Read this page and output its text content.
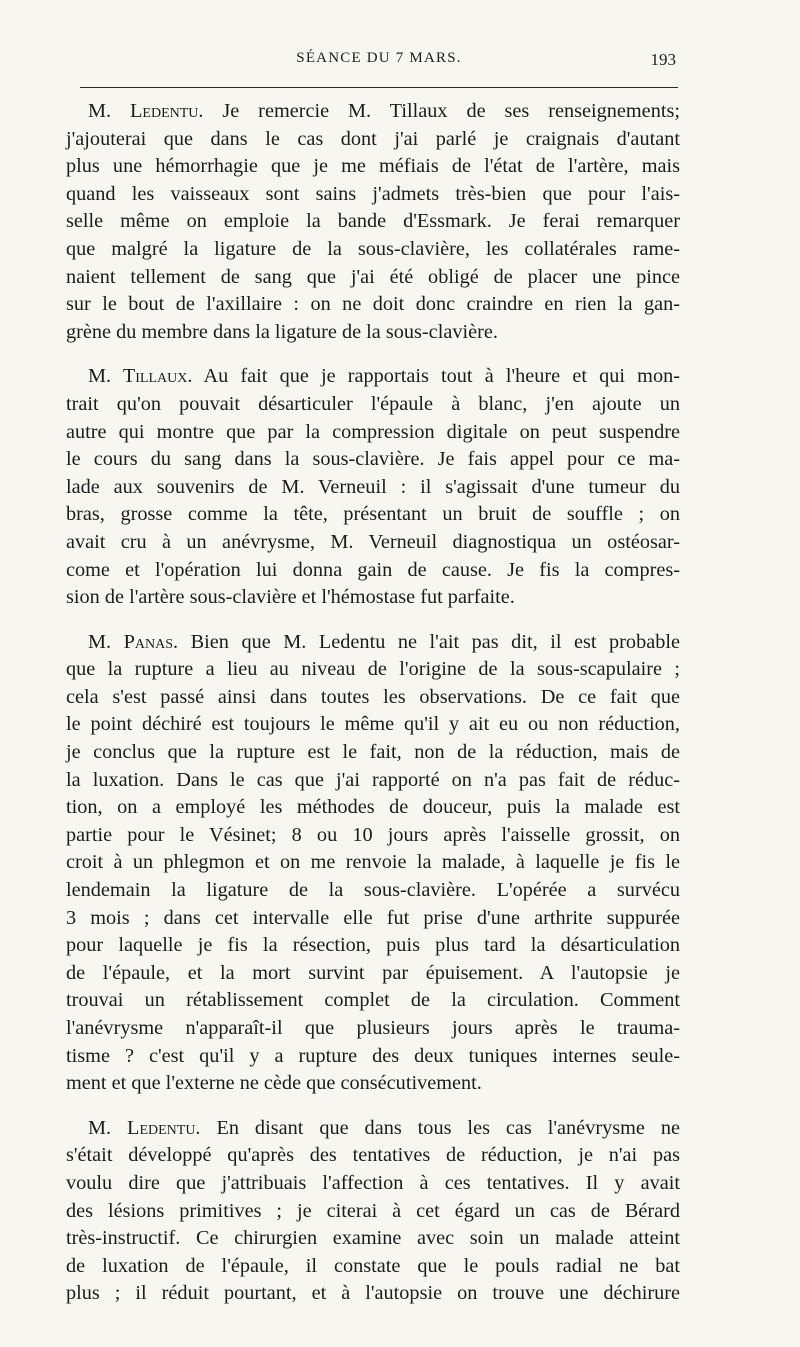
SÉANCE DU 7 MARS.	193

M. Ledentu. Je remercie M. Tillaux de ses renseignements;
j'ajouterai que dans le cas dont j'ai parlé je craignais d'autant
plus une hémorrhagie que je me méfiais de l'état de l'artère, mais
quand les vaisseaux sont sains j'admets très-bien que pour l'ais-
selle même on emploie la bande d'Essmark. Je ferai remarquer
que malgré la ligature de la sous-clavière, les collatérales rame-
naient tellement de sang que j'ai été obligé de placer une pince
sur le bout de l'axillaire : on ne doit donc craindre en rien la gan-
grène du membre dans la ligature de la sous-clavière.

M. Tillaux. Au fait que je rapportais tout à l'heure et qui mon-
trait qu'on pouvait désarticuler l'épaule à blanc, j'en ajoute un
autre qui montre que par la compression digitale on peut suspendre
le cours du sang dans la sous-clavière. Je fais appel pour ce ma-
lade aux souvenirs de M. Verneuil : il s'agissait d'une tumeur du
bras, grosse comme la tête, présentant un bruit de souffle ; on
avait cru à un anévrysme, M. Verneuil diagnostiqua un ostéosar-
come et l'opération lui donna gain de cause. Je fis la compres-
sion de l'artère sous-clavière et l'hémostase fut parfaite.

M. Panas. Bien que M. Ledentu ne l'ait pas dit, il est probable
que la rupture a lieu au niveau de l'origine de la sous-scapulaire ;
cela s'est passé ainsi dans toutes les observations. De ce fait que
le point déchiré est toujours le même qu'il y ait eu ou non réduction,
je conclus que la rupture est le fait, non de la réduction, mais de
la luxation. Dans le cas que j'ai rapporté on n'a pas fait de réduc-
tion, on a employé les méthodes de douceur, puis la malade est
partie pour le Vésinet; 8 ou 10 jours après l'aisselle grossit, on
croit à un phlegmon et on me renvoie la malade, à laquelle je fis le
lendemain la ligature de la sous-clavière. L'opérée a survécu
3 mois ; dans cet intervalle elle fut prise d'une arthrite suppurée
pour laquelle je fis la résection, puis plus tard la désarticulation
de l'épaule, et la mort survint par épuisement. A l'autopsie je
trouvai un rétablissement complet de la circulation. Comment
l'anévrysme n'apparaît-il que plusieurs jours après le trauma-
tisme ? c'est qu'il y a rupture des deux tuniques internes seule-
ment et que l'externe ne cède que consécutivement.

M. Ledentu. En disant que dans tous les cas l'anévrysme ne
s'était développé qu'après des tentatives de réduction, je n'ai pas
voulu dire que j'attribuais l'affection à ces tentatives. Il y avait
des lésions primitives ; je citerai à cet égard un cas de Bérard
très-instructif. Ce chirurgien examine avec soin un malade atteint
de luxation de l'épaule, il constate que le pouls radial ne bat
plus ; il réduit pourtant, et à l'autopsie on trouve une déchirure
